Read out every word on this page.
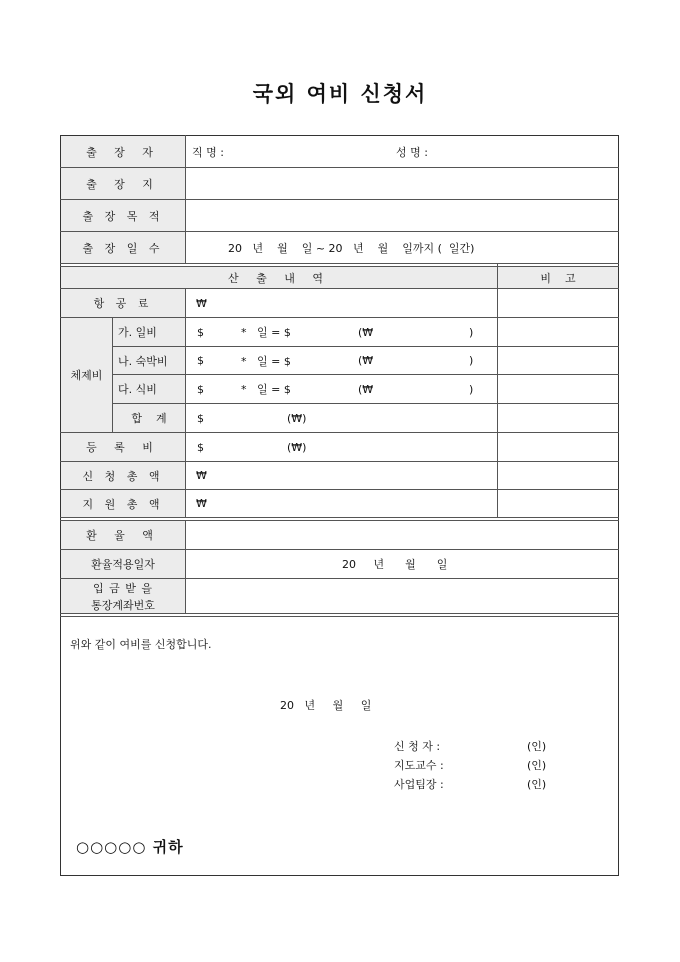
국외 여비 신청서
출 장 자	직 명 :	성 명 :
출 장 지
출 장 목 적
출 장 일 수	20   년    월    일 ~ 20   년    월    일까지 (  일간)
산 출 내 역	비    고
항 공 료	₩
체제비
가. 일비	$	*   일 = $	(₩	)
나. 숙박비	$	*   일 = $	(₩	)
다. 식비	$	*   일 = $	(₩	)
합    계	$	(₩)
등 록 비	$	(₩)
신 청 총 액	₩
지 원 총 액	₩
환 율 액
환율적용일자	20     년      월      일
입 금 받 을
통장계좌번호
위와 같이 여비를 신청합니다.
20   년     월     일
신 청 자 :	(인)
지도교수 :	(인)
사업팀장 :	(인)
○○○○○ 귀하
